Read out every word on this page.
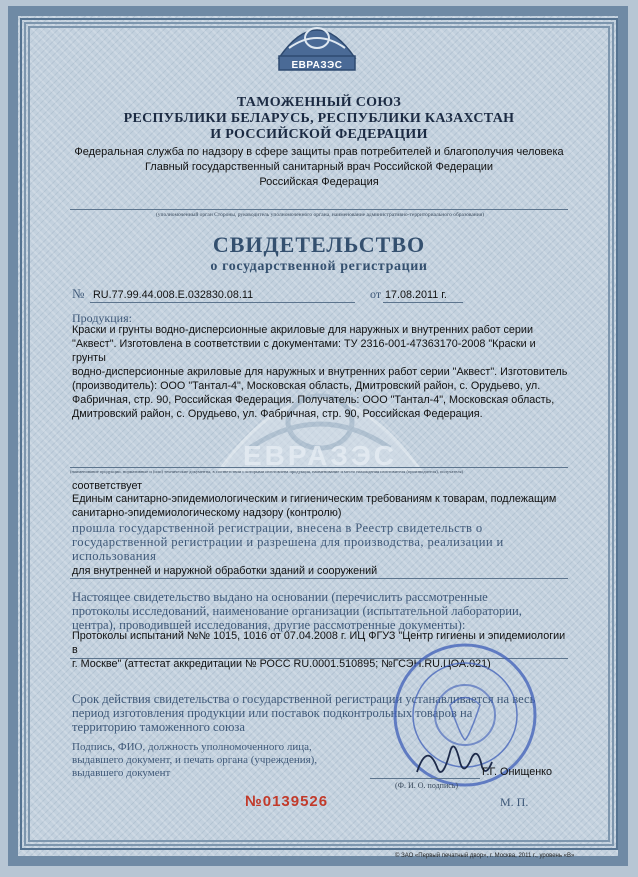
ЕВРАЗЭС
ТАМОЖЕННЫЙ СОЮЗ
РЕСПУБЛИКИ БЕЛАРУСЬ, РЕСПУБЛИКИ КАЗАХСТАН
И РОССИЙСКОЙ ФЕДЕРАЦИИ
Федеральная служба по надзору в сфере защиты прав потребителей и благополучия человека
Главный государственный санитарный врач Российской Федерации
Российская Федерация
(уполномоченный орган Стороны, руководитель уполномоченного органа, наименование административно-территориального образования)
СВИДЕТЕЛЬСТВО
о государственной регистрации
№ RU.77.99.44.008.E.032830.08.11	от 17.08.2011 г.
ЕВРАЗЭС
Продукция:
Краски и грунты водно-дисперсионные акриловые для наружных и внутренних работ серии
"Аквест". Изготовлена в соответствии с документами: ТУ 2316-001-47363170-2008 "Краски и грунты
водно-дисперсионные акриловые для наружных и внутренних работ серии "Аквест". Изготовитель
(производитель): ООО "Тантал-4", Московская область, Дмитровский район, с. Орудьево, ул.
Фабричная, стр. 90, Российская Федерация. Получатель: ООО "Тантал-4", Московская область,
Дмитровский район, с. Орудьево, ул. Фабричная, стр. 90, Российская Федерация.
(наименование продукции, нормативные и (или) технические документы, в соответствии с которыми изготовлена продукция, наименование и место нахождения изготовителя (производителя), получателя)
соответствует
Единым санитарно-эпидемиологическим и гигиеническим требованиям к товарам, подлежащим
санитарно-эпидемиологическому надзору (контролю)
прошла государственной регистрации, внесена в Реестр свидетельств о
государственной регистрации и разрешена для производства, реализации и
использования
для внутренней и наружной обработки зданий и сооружений
Настоящее свидетельство выдано на основании (перечислить рассмотренные
протоколы исследований, наименование организации (испытательной лаборатории,
центра), проводившей исследования, другие рассмотренные документы):
Протоколы испытаний №№ 1015, 1016 от 07.04.2008 г. ИЦ ФГУЗ "Центр гигиены и эпидемиологии в
г. Москве" (аттестат аккредитации № РОСС RU.0001.510895; №ГСЭН.RU.ЦОА.021)
Срок действия свидетельства о государственной регистрации устанавливается на весь
период изготовления продукции или поставок подконтрольных товаров на
территорию таможенного союза
Подпись, ФИО, должность уполномоченного лица,
выдавшего документ, и печать органа (учреждения),
выдавшего документ	Г.Г. Онищенко
(Ф. И. О. подпись)
№0139526	М. П.
© ЗАО «Первый печатный двор», г. Москва, 2011 г., уровень «В»
